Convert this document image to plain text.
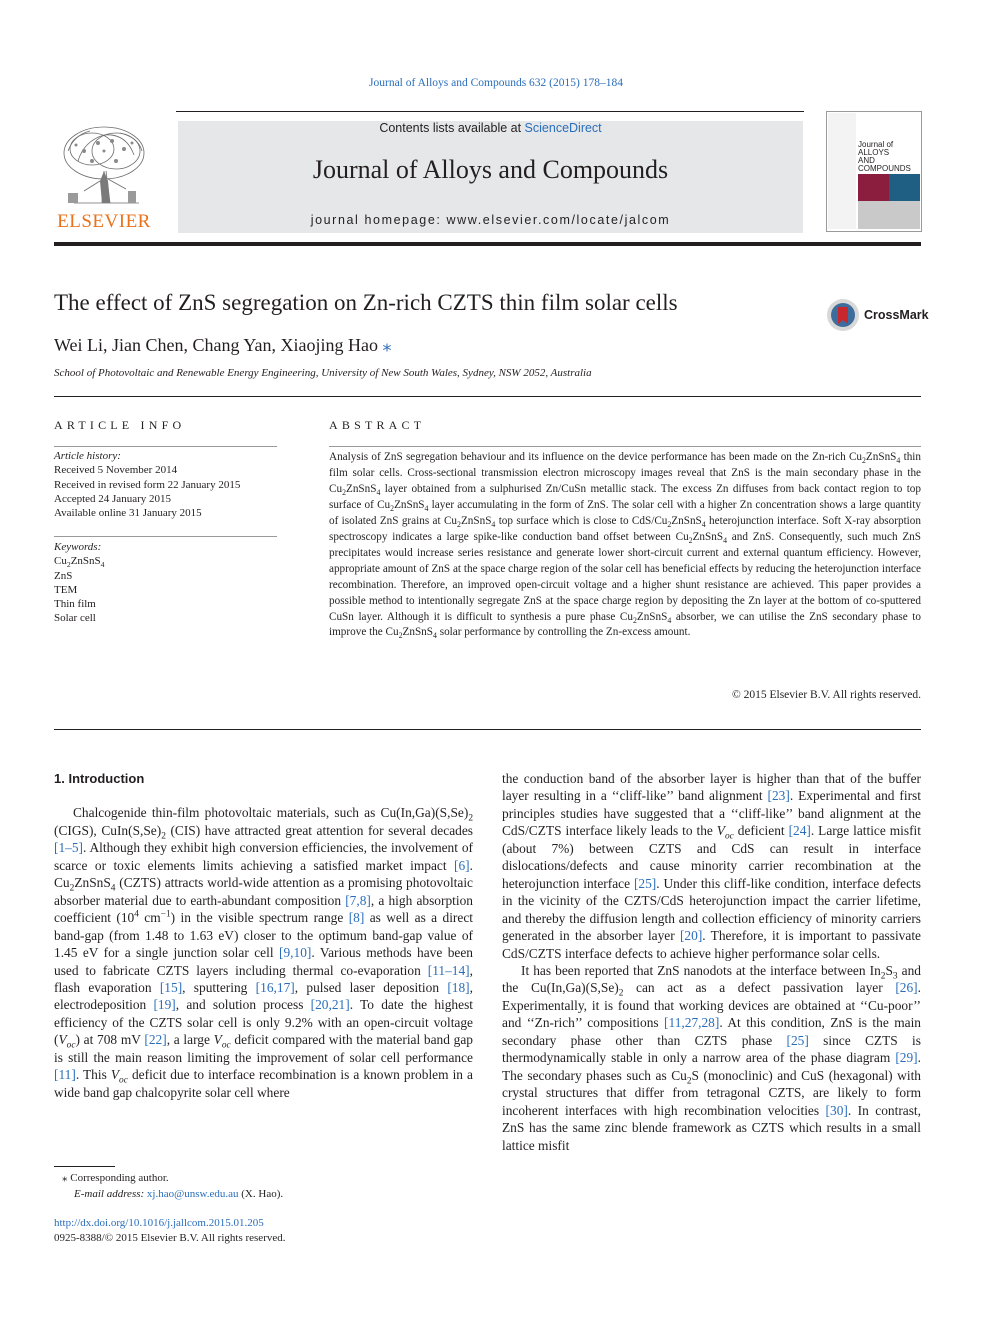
Journal of Alloys and Compounds 632 (2015) 178–184
ELSEVIER
Contents lists available at ScienceDirect
Journal of Alloys and Compounds
journal homepage: www.elsevier.com/locate/jalcom
Journal of
ALLOYS
AND COMPOUNDS
The effect of ZnS segregation on Zn-rich CZTS thin film solar cells	CrossMark
Wei Li, Jian Chen, Chang Yan, Xiaojing Hao ⁎
School of Photovoltaic and Renewable Energy Engineering, University of New South Wales, Sydney, NSW 2052, Australia
ARTICLE INFO
Article history:
Received 5 November 2014
Received in revised form 22 January 2015
Accepted 24 January 2015
Available online 31 January 2015
Keywords:
$Cu_2ZnSnS_4$
ZnS
TEM
Thin film
Solar cell
ABSTRACT
Analysis of ZnS segregation behaviour and its influence on the device performance has been made on the Zn-rich $Cu_2ZnSnS_4$ thin film solar cells. Cross-sectional transmission electron microscopy images reveal that ZnS is the main secondary phase in the $Cu_2ZnSnS_4$ layer obtained from a sulphurised Zn/CuSn metallic stack. The excess Zn diffuses from back contact region to top surface of $Cu_2ZnSnS_4$ layer accumulating in the form of ZnS. The solar cell with a higher Zn concentration shows a large quantity of isolated ZnS grains at $Cu_2ZnSnS_4$ top surface which is close to CdS/$Cu_2ZnSnS_4$ heterojunction interface. Soft X-ray absorption spectroscopy indicates a large spike-like conduction band offset between $Cu_2ZnSnS_4$ and ZnS. Consequently, such much ZnS precipitates would increase series resistance and generate lower short-circuit current and external quantum efficiency. However, appropriate amount of ZnS at the space charge region of the solar cell has beneficial effects by reducing the heterojunction interface recombination. Therefore, an improved open-circuit voltage and a higher shunt resistance are achieved. This paper provides a possible method to intentionally segregate ZnS at the space charge region by depositing the Zn layer at the bottom of co-sputtered CuSn layer. Although it is difficult to synthesis a pure phase $Cu_2ZnSnS_4$ absorber, we can utilise the ZnS secondary phase to improve the $Cu_2ZnSnS_4$ solar performance by controlling the Zn-excess amount.
© 2015 Elsevier B.V. All rights reserved.

1. Introduction

Chalcogenide thin-film photovoltaic materials, such as $Cu(In,Ga)(S,Se)_2$ (CIGS), $CuIn(S,Se)_2$ (CIS) have attracted great attention for several decades [1–5]. Although they exhibit high conversion efficiencies, the involvement of scarce or toxic elements limits achieving a satisfied market impact [6]. $Cu_2ZnSnS_4$ (CZTS) attracts world-wide attention as a promising photovoltaic absorber material due to earth-abundant composition [7,8], a high absorption coefficient ($10^4$ $cm^{-1}$) in the visible spectrum range [8] as well as a direct band-gap (from 1.48 to 1.63 eV) closer to the optimum band-gap value of 1.45 eV for a single junction solar cell [9,10]. Various methods have been used to fabricate CZTS layers including thermal co-evaporation [11–14], flash evaporation [15], sputtering [16,17], pulsed laser deposition [18], electrodeposition [19], and solution process [20,21]. To date the highest efficiency of the CZTS solar cell is only 9.2% with an open-circuit voltage $(V_{oc})$ at 708 mV [22], a large $V_{oc}$ deficit compared with the material band gap is still the main reason limiting the improvement of solar cell performance [11]. This $V_{oc}$ deficit due to interface recombination is a known problem in a wide band gap chalcopyrite solar cell where

the conduction band of the absorber layer is higher than that of the buffer layer resulting in a ‘‘cliff-like’’ band alignment [23]. Experimental and first principles studies have suggested that a ‘‘cliff-like’’ band alignment at the CdS/CZTS interface likely leads to the $V_{oc}$ deficient [24]. Large lattice misfit (about 7%) between CZTS and CdS can result in interface dislocations/defects and cause minority carrier recombination at the heterojunction interface [25]. Under this cliff-like condition, interface defects in the vicinity of the CZTS/CdS heterojunction impact the carrier lifetime, and thereby the diffusion length and collection efficiency of minority carriers generated in the absorber layer [20]. Therefore, it is important to passivate CdS/CZTS interface defects to achieve higher performance solar cells.

It has been reported that ZnS nanodots at the interface between $In_2S_3$ and the $Cu(In,Ga)(S,Se)_2$ can act as a defect passivation layer [26]. Experimentally, it is found that working devices are obtained at ‘‘Cu-poor’’ and ‘‘Zn-rich’’ compositions [11,27,28]. At this condition, ZnS is the main secondary phase other than CZTS phase [25] since CZTS is thermodynamically stable in only a narrow area of the phase diagram [29]. The secondary phases such as $Cu_2S$ (monoclinic) and CuS (hexagonal) with crystal structures that differ from tetragonal CZTS, are likely to form incoherent interfaces with high recombination velocities [30]. In contrast, ZnS has the same zinc blende framework as CZTS which results in a small lattice misfit

⁎ Corresponding author.
E-mail address: xj.hao@unsw.edu.au (X. Hao).
http://dx.doi.org/10.1016/j.jallcom.2015.01.205
0925-8388/© 2015 Elsevier B.V. All rights reserved.
